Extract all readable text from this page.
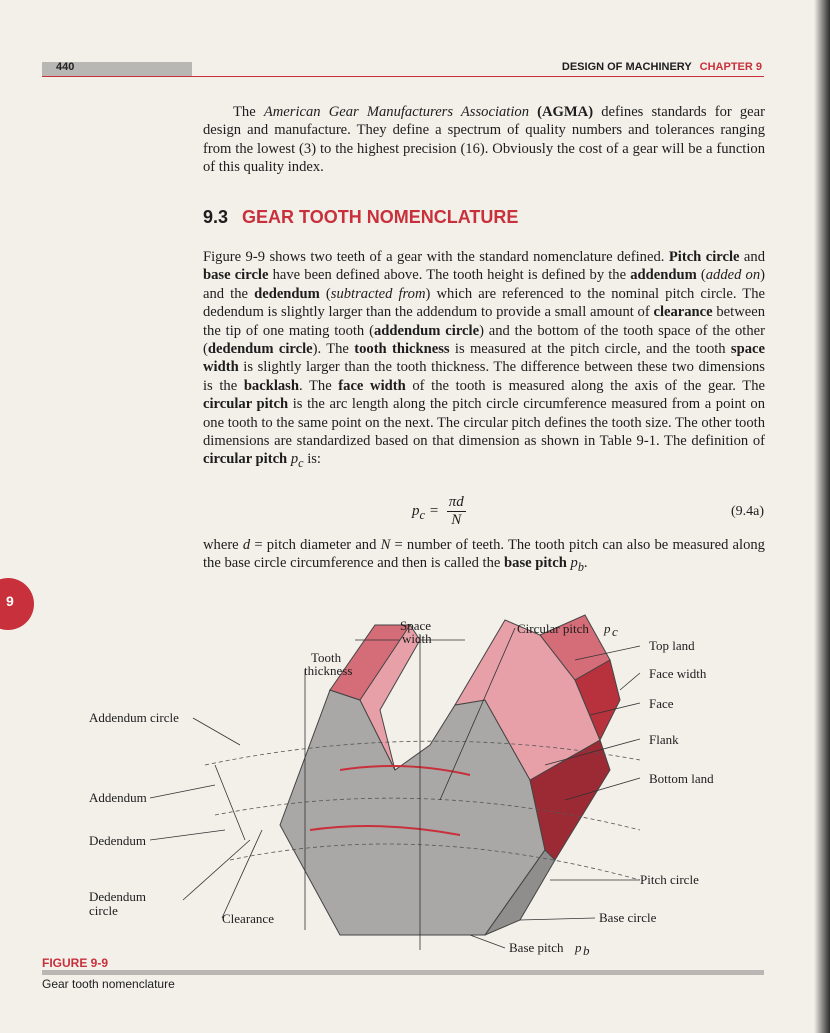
440	DESIGN OF MACHINERY CHAPTER 9
The American Gear Manufacturers Association (AGMA) defines standards for gear design and manufacture. They define a spectrum of quality numbers and tolerances ranging from the lowest (3) to the highest precision (16). Obviously the cost of a gear will be a function of this quality index.
9.3 GEAR TOOTH NOMENCLATURE
Figure 9-9 shows two teeth of a gear with the standard nomenclature defined. Pitch circle and base circle have been defined above. The tooth height is defined by the addendum (added on) and the dedendum (subtracted from) which are referenced to the nominal pitch circle. The dedendum is slightly larger than the addendum to provide a small amount of clearance between the tip of one mating tooth (addendum circle) and the bottom of the tooth space of the other (dedendum circle). The tooth thickness is measured at the pitch circle, and the tooth space width is slightly larger than the tooth thickness. The difference between these two dimensions is the backlash. The face width of the tooth is measured along the axis of the gear. The circular pitch is the arc length along the pitch circle circumference measured from a point on one tooth to the same point on the next. The circular pitch defines the tooth size. The other tooth dimensions are standardized based on that dimension as shown in Table 9-1. The definition of circular pitch $p_c$ is:
$p_c = \frac{\pi d}{N}$	(9.4a)
where d = pitch diameter and N = number of teeth. The tooth pitch can also be measured along the base circle circumference and then is called the base pitch $p_b$.
9
Space
width
Tooth
thickness
Circular pitch p c
Top land
Face width
Face
Flank
Bottom land
Addendum circle
Addendum
Dedendum
Dedendum
circle
Clearance
Pitch circle
Base circle
Base pitch p b
FIGURE 9-9
Gear tooth nomenclature
